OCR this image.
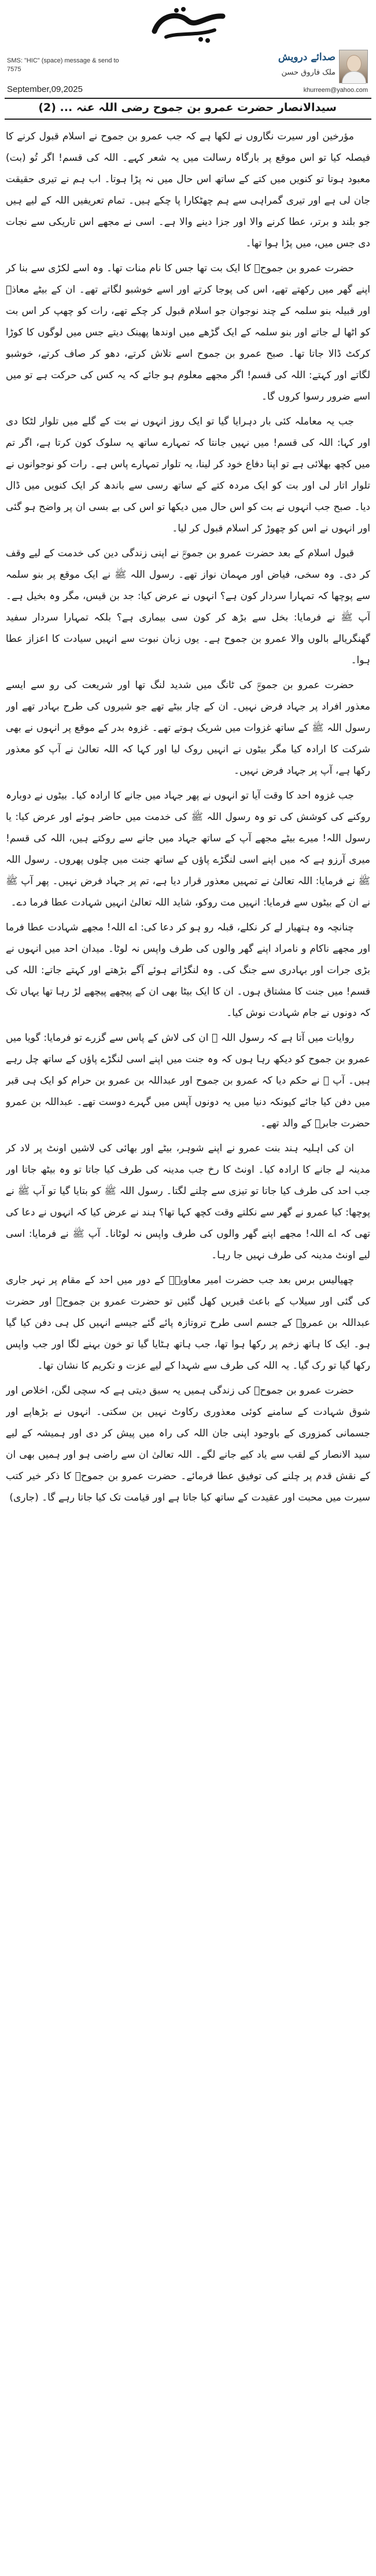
صدائے درویش
ملک فاروق حسن
SMS: "HIC" (space) message & send to 7575
September,09,2025	khurreem@yahoo.com
سیدالانصار حضرت عمرو بن جموح رضی اللہ عنہ ... (2)

مؤرخین اور سیرت نگاروں نے لکھا ہے کہ جب عمرو بن جموح نے اسلام قبول کرنے کا فیصلہ کیا تو اس موقع پر بارگاہ رسالت میں یہ شعر کہے۔ اللہ کی قسم! اگر تُو (بت) معبود ہوتا تو کنویں میں کتے کے ساتھ اس حال میں نہ پڑا ہوتا۔ اب ہم نے تیری حقیقت جان لی ہے اور تیری گمراہی سے ہم چھٹکارا پا چکے ہیں۔ تمام تعریفیں اللہ کے لیے ہیں جو بلند و برتر، عطا کرنے والا اور جزا دینے والا ہے۔ اسی نے مجھے اس تاریکی سے نجات دی جس میں، میں پڑا ہوا تھا۔

حضرت عمرو بن جموحؓ کا ایک بت تھا جس کا نام منات تھا۔ وہ اسے لکڑی سے بنا کر اپنے گھر میں رکھتے تھے، اس کی پوجا کرتے اور اسے خوشبو لگاتے تھے۔ ان کے بیٹے معاذؓ اور قبیلہ بنو سلمہ کے چند نوجوان جو اسلام قبول کر چکے تھے، رات کو چھپ کر اس بت کو اٹھا لے جاتے اور بنو سلمہ کے ایک گڑھے میں اوندھا پھینک دیتے جس میں لوگوں کا کوڑا کرکٹ ڈالا جاتا تھا۔ صبح عمرو بن جموح اسے تلاش کرتے، دھو کر صاف کرتے، خوشبو لگاتے اور کہتے: اللہ کی قسم! اگر مجھے معلوم ہو جائے کہ یہ کس کی حرکت ہے تو میں اسے ضرور رسوا کروں گا۔

جب یہ معاملہ کئی بار دہرایا گیا تو ایک روز انہوں نے بت کے گلے میں تلوار لٹکا دی اور کہا: اللہ کی قسم! میں نہیں جانتا کہ تمہارے ساتھ یہ سلوک کون کرتا ہے، اگر تم میں کچھ بھلائی ہے تو اپنا دفاع خود کر لینا، یہ تلوار تمہارے پاس ہے۔ رات کو نوجوانوں نے تلوار اتار لی اور بت کو ایک مردہ کتے کے ساتھ رسی سے باندھ کر ایک کنویں میں ڈال دیا۔ صبح جب انہوں نے بت کو اس حال میں دیکھا تو اس کی بے بسی ان پر واضح ہو گئی اور انہوں نے اس کو چھوڑ کر اسلام قبول کر لیا۔

قبول اسلام کے بعد حضرت عمرو بن جموحؓ نے اپنی زندگی دین کی خدمت کے لیے وقف کر دی۔ وہ سخی، فیاض اور مہمان نواز تھے۔ رسول اللہ ﷺ نے ایک موقع پر بنو سلمہ سے پوچھا کہ تمہارا سردار کون ہے؟ انہوں نے عرض کیا: جد بن قیس، مگر وہ بخیل ہے۔ آپ ﷺ نے فرمایا: بخل سے بڑھ کر کون سی بیماری ہے؟ بلکہ تمہارا سردار سفید گھنگریالے بالوں والا عمرو بن جموح ہے۔ یوں زبان نبوت سے انہیں سیادت کا اعزاز عطا ہوا۔

حضرت عمرو بن جموحؓ کی ٹانگ میں شدید لنگ تھا اور شریعت کی رو سے ایسے معذور افراد پر جہاد فرض نہیں۔ ان کے چار بیٹے تھے جو شیروں کی طرح بہادر تھے اور رسول اللہ ﷺ کے ساتھ غزوات میں شریک ہوتے تھے۔ غزوہ بدر کے موقع پر انہوں نے بھی شرکت کا ارادہ کیا مگر بیٹوں نے انہیں روک لیا اور کہا کہ اللہ تعالیٰ نے آپ کو معذور رکھا ہے، آپ پر جہاد فرض نہیں۔

جب غزوہ احد کا وقت آیا تو انہوں نے پھر جہاد میں جانے کا ارادہ کیا۔ بیٹوں نے دوبارہ روکنے کی کوشش کی تو وہ رسول اللہ ﷺ کی خدمت میں حاضر ہوئے اور عرض کیا: یا رسول اللہ! میرے بیٹے مجھے آپ کے ساتھ جہاد میں جانے سے روکتے ہیں، اللہ کی قسم! میری آرزو ہے کہ میں اپنے اسی لنگڑے پاؤں کے ساتھ جنت میں چلوں پھروں۔ رسول اللہ ﷺ نے فرمایا: اللہ تعالیٰ نے تمہیں معذور قرار دیا ہے، تم پر جہاد فرض نہیں۔ پھر آپ ﷺ نے ان کے بیٹوں سے فرمایا: انہیں مت روکو، شاید اللہ تعالیٰ انہیں شہادت عطا فرما دے۔

چنانچہ وہ ہتھیار لے کر نکلے، قبلہ رو ہو کر دعا کی: اے اللہ! مجھے شہادت عطا فرما اور مجھے ناکام و نامراد اپنے گھر والوں کی طرف واپس نہ لوٹا۔ میدان احد میں انہوں نے بڑی جرات اور بہادری سے جنگ کی۔ وہ لنگڑاتے ہوئے آگے بڑھتے اور کہتے جاتے: اللہ کی قسم! میں جنت کا مشتاق ہوں۔ ان کا ایک بیٹا بھی ان کے پیچھے پیچھے لڑ رہا تھا یہاں تک کہ دونوں نے جام شہادت نوش کیا۔

روایات میں آتا ہے کہ رسول اللہ ﷺ ان کی لاش کے پاس سے گزرے تو فرمایا: گویا میں عمرو بن جموح کو دیکھ رہا ہوں کہ وہ جنت میں اپنے اسی لنگڑے پاؤں کے ساتھ چل رہے ہیں۔ آپ ﷺ نے حکم دیا کہ عمرو بن جموح اور عبداللہ بن عمرو بن حرام کو ایک ہی قبر میں دفن کیا جائے کیونکہ دنیا میں یہ دونوں آپس میں گہرے دوست تھے۔ عبداللہ بن عمرو حضرت جابرؓ کے والد تھے۔

ان کی اہلیہ ہند بنت عمرو نے اپنے شوہر، بیٹے اور بھائی کی لاشیں اونٹ پر لاد کر مدینہ لے جانے کا ارادہ کیا۔ اونٹ کا رخ جب مدینہ کی طرف کیا جاتا تو وہ بیٹھ جاتا اور جب احد کی طرف کیا جاتا تو تیزی سے چلنے لگتا۔ رسول اللہ ﷺ کو بتایا گیا تو آپ ﷺ نے پوچھا: کیا عمرو نے گھر سے نکلتے وقت کچھ کہا تھا؟ ہند نے عرض کیا کہ انہوں نے دعا کی تھی کہ اے اللہ! مجھے اپنے گھر والوں کی طرف واپس نہ لوٹانا۔ آپ ﷺ نے فرمایا: اسی لیے اونٹ مدینہ کی طرف نہیں جا رہا۔

چھیالیس برس بعد جب حضرت امیر معاویہؓ کے دور میں احد کے مقام پر نہر جاری کی گئی اور سیلاب کے باعث قبریں کھل گئیں تو حضرت عمرو بن جموحؓ اور حضرت عبداللہ بن عمروؓ کے جسم اسی طرح تروتازہ پائے گئے جیسے انہیں کل ہی دفن کیا گیا ہو۔ ایک کا ہاتھ زخم پر رکھا ہوا تھا، جب ہاتھ ہٹایا گیا تو خون بہنے لگا اور جب واپس رکھا گیا تو رک گیا۔ یہ اللہ کی طرف سے شہدا کے لیے عزت و تکریم کا نشان تھا۔

حضرت عمرو بن جموحؓ کی زندگی ہمیں یہ سبق دیتی ہے کہ سچی لگن، اخلاص اور شوق شہادت کے سامنے کوئی معذوری رکاوٹ نہیں بن سکتی۔ انہوں نے بڑھاپے اور جسمانی کمزوری کے باوجود اپنی جان اللہ کی راہ میں پیش کر دی اور ہمیشہ کے لیے سید الانصار کے لقب سے یاد کیے جانے لگے۔ اللہ تعالیٰ ان سے راضی ہو اور ہمیں بھی ان کے نقش قدم پر چلنے کی توفیق عطا فرمائے۔ حضرت عمرو بن جموحؓ کا ذکر خیر کتب سیرت میں محبت اور عقیدت کے ساتھ کیا جاتا ہے اور قیامت تک کیا جاتا رہے گا۔ (جاری)
